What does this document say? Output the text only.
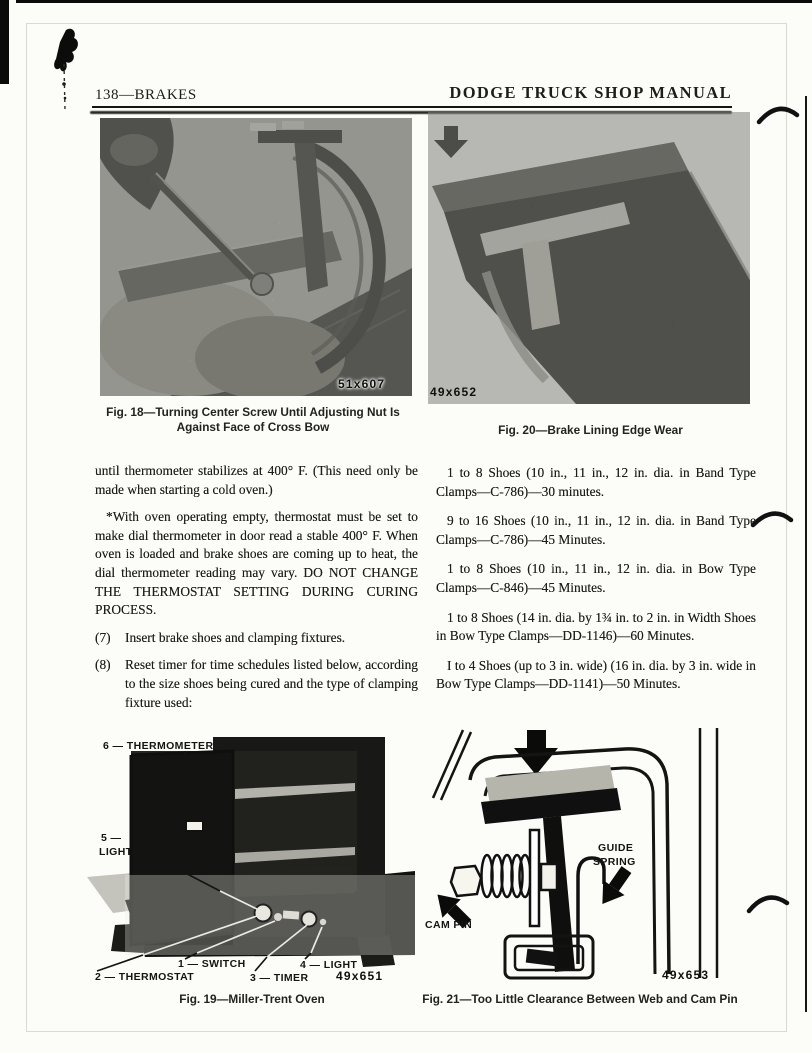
138—BRAKES	DODGE TRUCK SHOP MANUAL
51x607
Fig. 18—Turning Center Screw Until Adjusting Nut Is Against Face of Cross Bow
49x652
Fig. 20—Brake Lining Edge Wear

until thermometer stabilizes at 400° F. (This need only be made when starting a cold oven.)

*With oven operating empty, thermostat must be set to make dial thermometer in door read a stable 400° F. When oven is loaded and brake shoes are coming up to heat, the dial thermometer reading may vary. DO NOT CHANGE THE THERMOSTAT SETTING DURING CURING PROCESS.

(7) Insert brake shoes and clamping fixtures.

(8) Reset timer for time schedules listed below, according to the size shoes being cured and the type of clamping fixture used:

1 to 8 Shoes (10 in., 11 in., 12 in. dia. in Band Type Clamps—C-786)—30 minutes.

9 to 16 Shoes (10 in., 11 in., 12 in. dia. in Band Type Clamps—C-786)—45 Minutes.

1 to 8 Shoes (10 in., 11 in., 12 in. dia. in Bow Type Clamps—C-846)—45 Minutes.

1 to 8 Shoes (14 in. dia. by 1¾ in. to 2 in. in Width Shoes in Bow Type Clamps—DD-1146)—60 Minutes.

I to 4 Shoes (up to 3 in. wide) (16 in. dia. by 3 in. wide in Bow Type Clamps—DD-1141)—50 Minutes.

6 — THERMOMETER
5 —
LIGHT
1 — SWITCH
2 — THERMOSTAT	3 — TIMER
4 — LIGHT
49x651
Fig. 19—Miller-Trent Oven
GUIDE
SPRING
CAM PIN
49x653
Fig. 21—Too Little Clearance Between Web and Cam Pin
